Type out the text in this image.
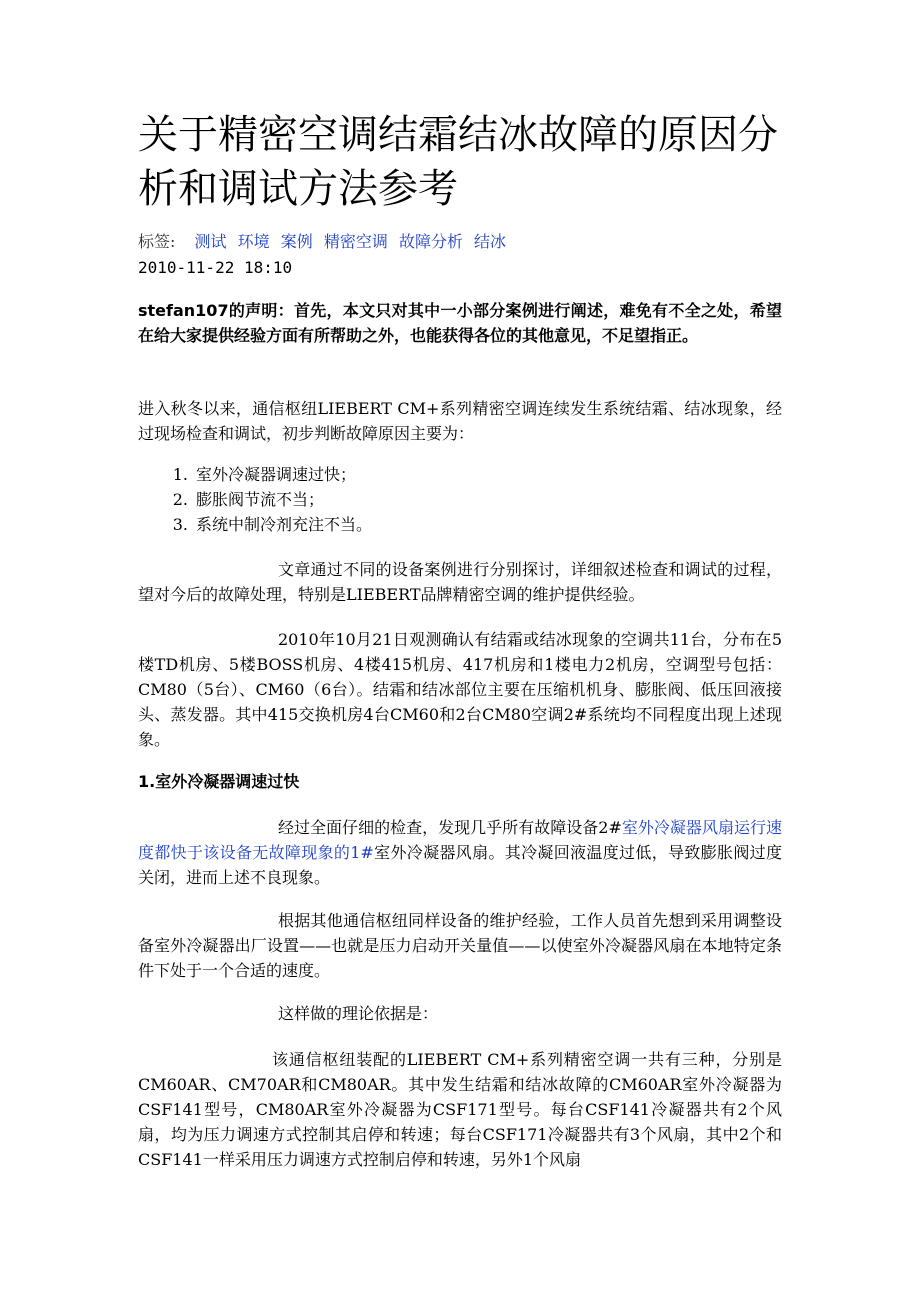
关于精密空调结霜结冰故障的原因分析和调试方法参考
标签: 测试 环境 案例 精密空调 故障分析 结冰
2010-11-22 18:10

stefan107的声明：首先，本文只对其中一小部分案例进行阐述，难免有不全之处，希望在给大家提供经验方面有所帮助之外，也能获得各位的其他意见，不足望指正。

进入秋冬以来，通信枢纽LIEBERT CM+系列精密空调连续发生系统结霜、结冰现象，经过现场检查和调试，初步判断故障原因主要为：

1. 室外冷凝器调速过快；
2. 膨胀阀节流不当；
3. 系统中制冷剂充注不当。

文章通过不同的设备案例进行分别探讨，详细叙述检查和调试的过程，望对今后的故障处理，特别是LIEBERT品牌精密空调的维护提供经验。

2010年10月21日观测确认有结霜或结冰现象的空调共11台，分布在5楼TD机房、5楼BOSS机房、4楼415机房、417机房和1楼电力2机房，空调型号包括：CM80（5台）、CM60（6台）。结霜和结冰部位主要在压缩机机身、膨胀阀、低压回液接头、蒸发器。其中415交换机房4台CM60和2台CM80空调2#系统均不同程度出现上述现象。

1.室外冷凝器调速过快

经过全面仔细的检查，发现几乎所有故障设备2#室外冷凝器风扇运行速度都快于该设备无故障现象的1#室外冷凝器风扇。其冷凝回液温度过低，导致膨胀阀过度关闭，进而上述不良现象。

根据其他通信枢纽同样设备的维护经验，工作人员首先想到采用调整设备室外冷凝器出厂设置——也就是压力启动开关量值——以使室外冷凝器风扇在本地特定条件下处于一个合适的速度。

这样做的理论依据是：

该通信枢纽装配的LIEBERT CM+系列精密空调一共有三种，分别是CM60AR、CM70AR和CM80AR。其中发生结霜和结冰故障的CM60AR室外冷凝器为CSF141型号，CM80AR室外冷凝器为CSF171型号。每台CSF141冷凝器共有2个风扇，均为压力调速方式控制其启停和转速；每台CSF171冷凝器共有3个风扇，其中2个和CSF141一样采用压力调速方式控制启停和转速，另外1个风扇
